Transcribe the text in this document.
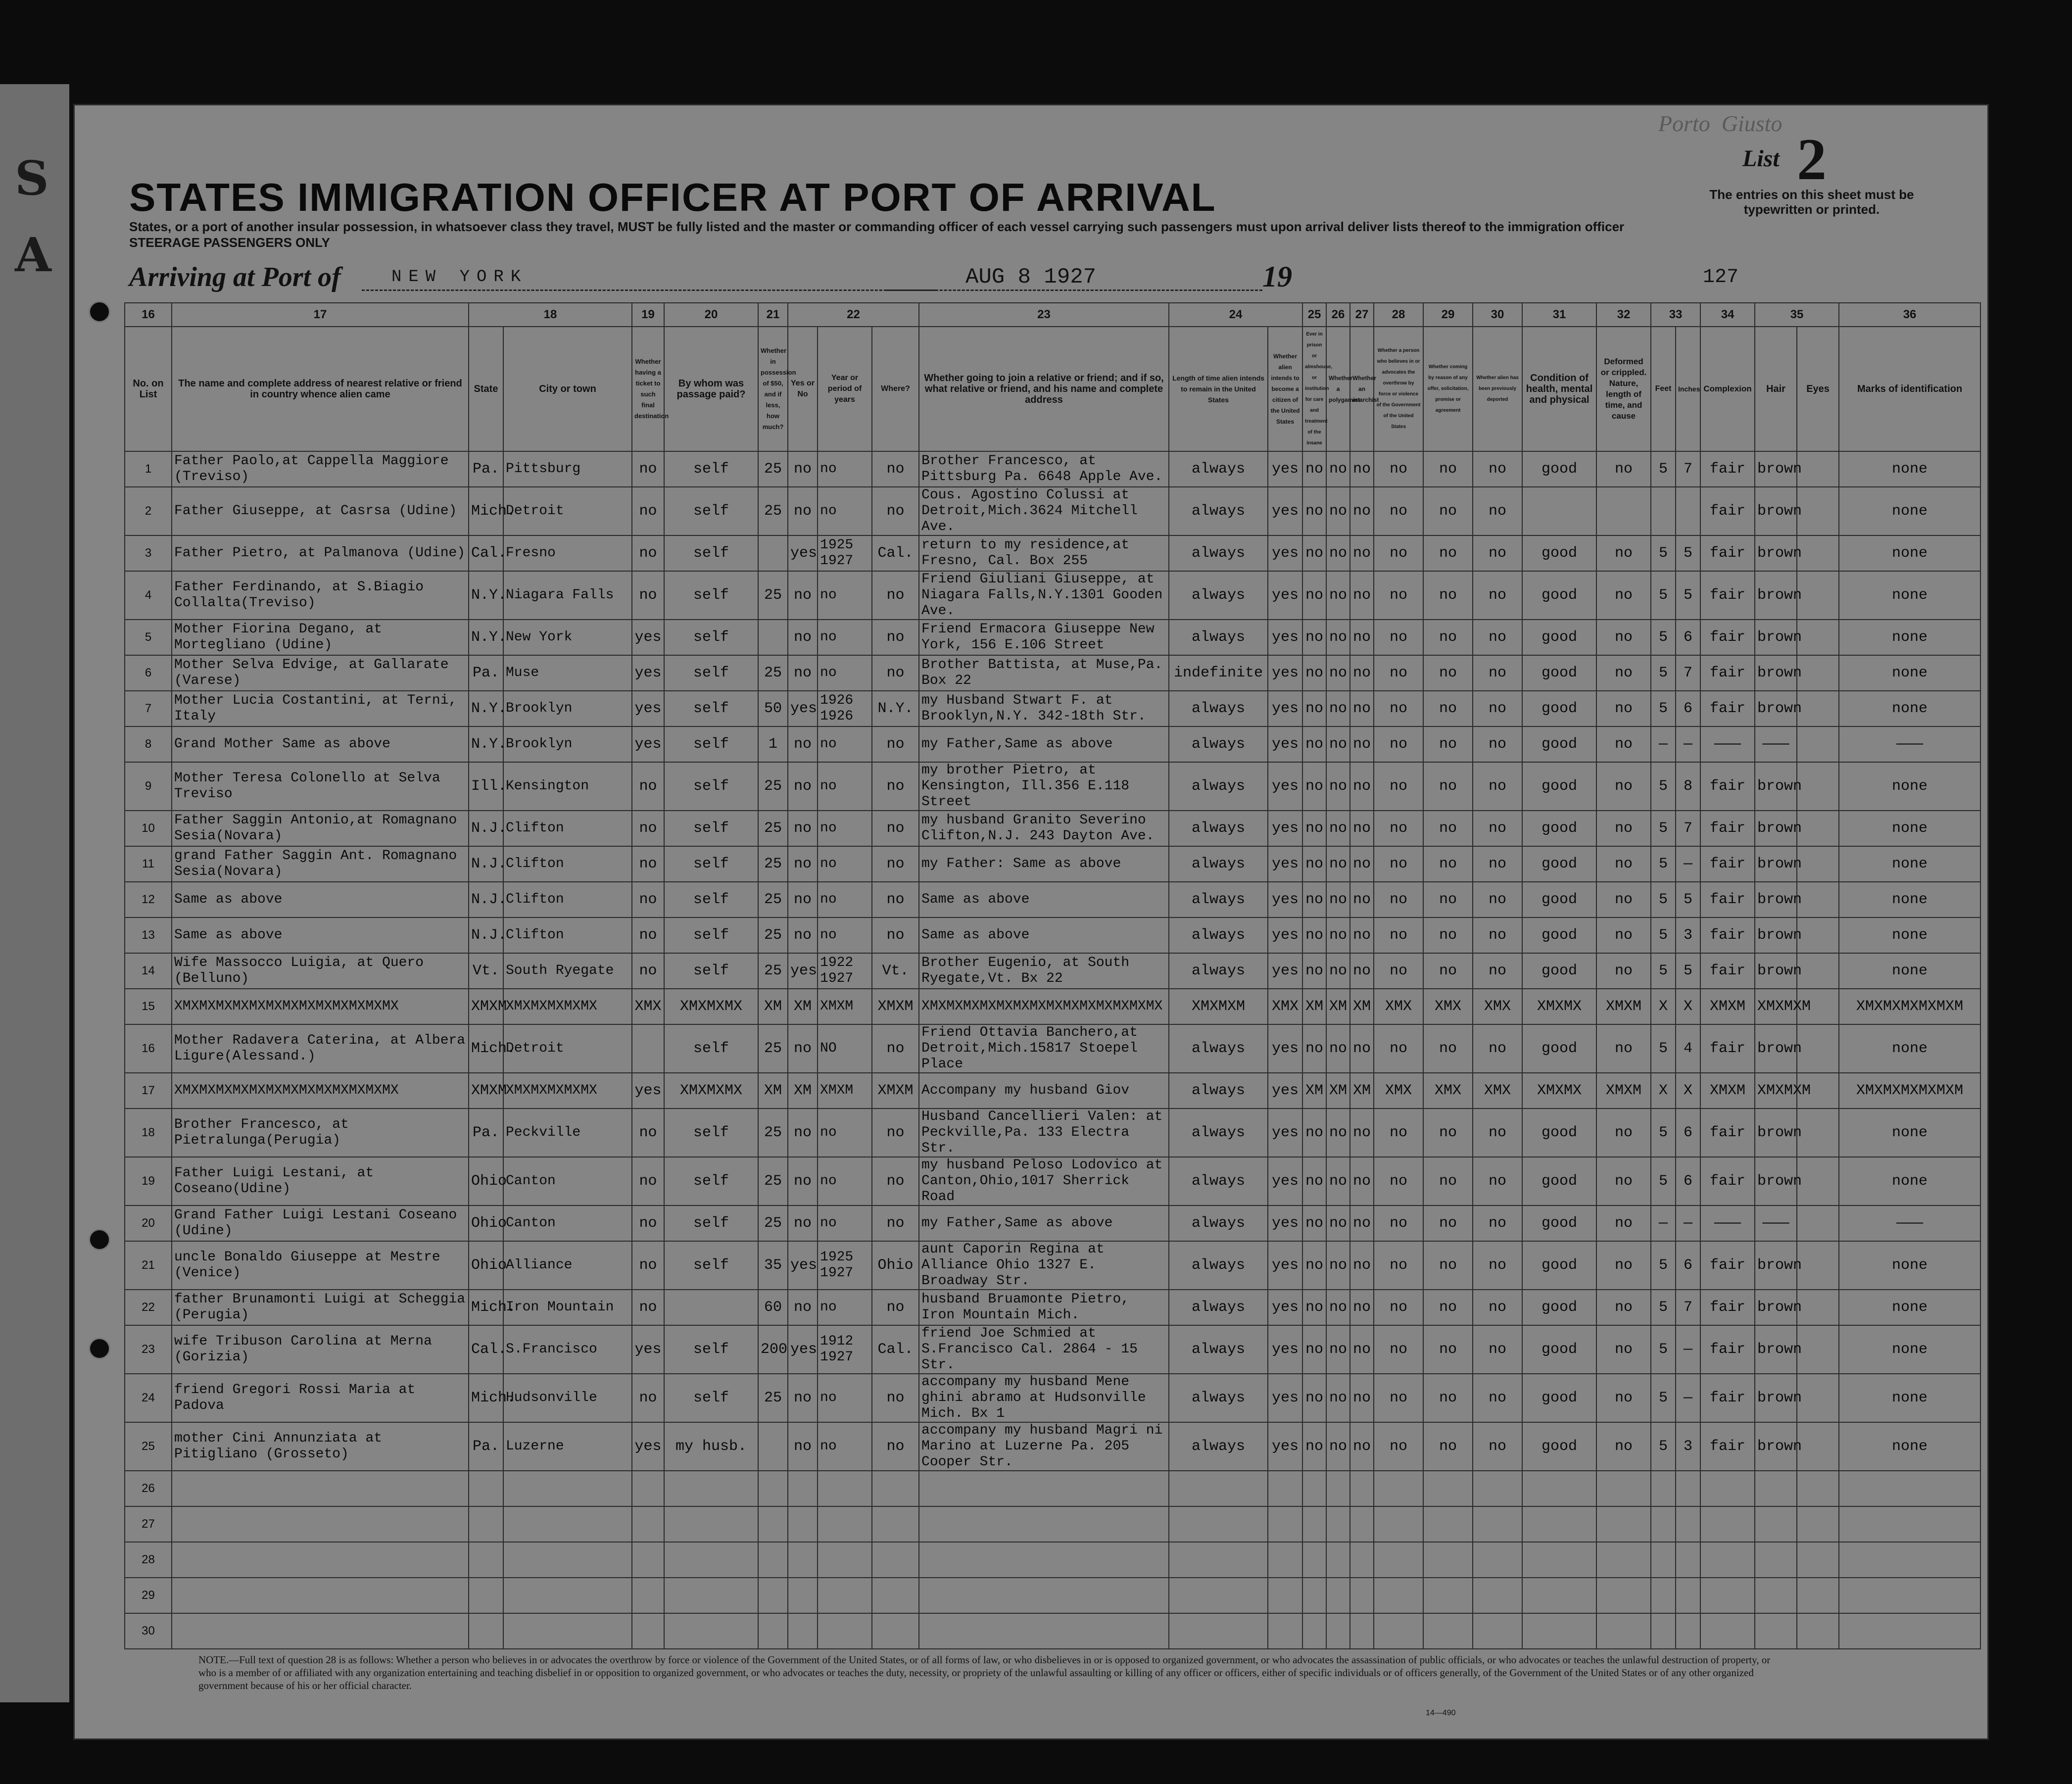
S
A
Porto  Giusto
STATES IMMIGRATION OFFICER AT PORT OF ARRIVAL
States, or a port of another insular possession, in whatsoever class they travel, MUST be fully listed and the master or commanding officer of each vessel carrying such passengers must upon arrival deliver lists thereof to the immigration officer
STEERAGE PASSENGERS ONLY
List 2
The entries on this sheet must be typewritten or printed.
Arriving at Port of	NEW YORK	AUG 8 1927	19	127
16	17	18		19	20	21	22			23	24		25	26	27	28	29	30	31	32	33		34	35		36
No. on List	The name and complete address of nearest relative or friend in country whence alien came	State	City or town	Whether having a ticket to such final destination	By whom was passage paid?	Whether in possession of $50, and if less, how much?	Yes or No	Year or period of years	Where?	Whether going to join a relative or friend; and if so, what relative or friend, and his name and complete address	Length of time alien intends to remain in the United States	Whether alien intends to become a citizen of the United States	Ever in prison or almshouse, or institution for care and treatment of the insane	Whether a polygamist	Whether an anarchist	Whether a person who believes in or advocates the overthrow by force or violence of the Government of the United States	Whether coming by reason of any offer, solicitation, promise or agreement	Whether alien has been previously deported	Condition of health, mental and physical	Deformed or crippled. Nature, length of time, and cause	Feet	Inches	Complexion	Hair	Eyes	Marks of identification
1	Father Paolo,at Cappella Maggiore (Treviso)	Pa.	Pittsburg	no	self	25	no	no	no	Brother Francesco, at Pittsburg Pa. 6648 Apple Ave.	always	yes	no	no	no	no	no	no	good	no	5	7	fair	brown		none
2	Father Giuseppe, at Casrsa (Udine)	Mich.	Detroit	no	self	25	no	no	no	Cous. Agostino Colussi at Detroit,Mich.3624 Mitchell Ave.	always	yes	no	no	no	no	no	no					fair	brown		none
3	Father Pietro, at Palmanova (Udine)	Cal.	Fresno	no	self		yes	1925 1927	Cal.	return to my residence,at Fresno, Cal. Box 255	always	yes	no	no	no	no	no	no	good	no	5	5	fair	brown		none
4	Father Ferdinando, at S.Biagio Collalta(Treviso)	N.Y.	Niagara Falls	no	self	25	no	no	no	Friend Giuliani Giuseppe, at Niagara Falls,N.Y.1301 Gooden Ave.	always	yes	no	no	no	no	no	no	good	no	5	5	fair	brown		none
5	Mother Fiorina Degano, at Mortegliano (Udine)	N.Y.	New York	yes	self		no	no	no	Friend Ermacora Giuseppe New York, 156 E.106 Street	always	yes	no	no	no	no	no	no	good	no	5	6	fair	brown		none
6	Mother Selva Edvige, at Gallarate (Varese)	Pa.	Muse	yes	self	25	no	no	no	Brother Battista, at Muse,Pa. Box 22	indefinite	yes	no	no	no	no	no	no	good	no	5	7	fair	brown		none
7	Mother Lucia Costantini, at Terni, Italy	N.Y.	Brooklyn	yes	self	50	yes	1926 1926	N.Y.	my Husband Stwart F. at Brooklyn,N.Y. 342-18th Str.	always	yes	no	no	no	no	no	no	good	no	5	6	fair	brown		none
8	Grand Mother Same as above	N.Y.	Brooklyn	yes	self	1	no	no	no	my Father,Same as above	always	yes	no	no	no	no	no	no	good	no	—	—	———	———		———
9	Mother Teresa Colonello at Selva Treviso	Ill.	Kensington	no	self	25	no	no	no	my brother Pietro, at Kensington, Ill.356 E.118 Street	always	yes	no	no	no	no	no	no	good	no	5	8	fair	brown		none
10	Father Saggin Antonio,at Romagnano Sesia(Novara)	N.J.	Clifton	no	self	25	no	no	no	my husband Granito Severino Clifton,N.J. 243 Dayton Ave.	always	yes	no	no	no	no	no	no	good	no	5	7	fair	brown		none
11	grand Father Saggin Ant. Romagnano Sesia(Novara)	N.J.	Clifton	no	self	25	no	no	no	my Father: Same as above	always	yes	no	no	no	no	no	no	good	no	5	—	fair	brown		none
12	Same as above	N.J.	Clifton	no	self	25	no	no	no	Same as above	always	yes	no	no	no	no	no	no	good	no	5	5	fair	brown		none
13	Same as above	N.J.	Clifton	no	self	25	no	no	no	Same as above	always	yes	no	no	no	no	no	no	good	no	5	3	fair	brown		none
14	Wife Massocco Luigia, at Quero (Belluno)	Vt.	South Ryegate	no	self	25	yes	1922 1927	Vt.	Brother Eugenio, at South Ryegate,Vt. Bx 22	always	yes	no	no	no	no	no	no	good	no	5	5	fair	brown		none
15	XMXMXMXMXMXMXMXMXMXMXMXMXMX	XMXM	XMXMXMXMXMX	XMX	XMXMXMX	XM	XM	XMXM	XMXM	XMXMXMXMXMXMXMXMXMXMXMXMXMXMX	XMXMXM	XMX	XM	XM	XM	XMX	XMX	XMX	XMXMX	XMXM	X	X	XMXM	XMXMXM		XMXMXMXMXMXM
16	Mother Radavera Caterina, at Albera Ligure(Alessand.)	Mich.	Detroit		self	25	no	NO	no	Friend Ottavia Banchero,at Detroit,Mich.15817 Stoepel Place	always	yes	no	no	no	no	no	no	good	no	5	4	fair	brown		none
17	XMXMXMXMXMXMXMXMXMXMXMXMXMX	XMXM	XMXMXMXMXMX	yes	XMXMXMX	XM	XM	XMXM	XMXM	Accompany my husband Giov	always	yes	XM	XM	XM	XMX	XMX	XMX	XMXMX	XMXM	X	X	XMXM	XMXMXM		XMXMXMXMXMXM
18	Brother Francesco, at Pietralunga(Perugia)	Pa.	Peckville	no	self	25	no	no	no	Husband Cancellieri Valen: at Peckville,Pa. 133 Electra Str.	always	yes	no	no	no	no	no	no	good	no	5	6	fair	brown		none
19	Father Luigi Lestani, at Coseano(Udine)	Ohio	Canton	no	self	25	no	no	no	my husband Peloso Lodovico at Canton,Ohio,1017 Sherrick Road	always	yes	no	no	no	no	no	no	good	no	5	6	fair	brown		none
20	Grand Father Luigi Lestani Coseano (Udine)	Ohio	Canton	no	self	25	no	no	no	my Father,Same as above	always	yes	no	no	no	no	no	no	good	no	—	—	———	———		———
21	uncle Bonaldo Giuseppe at Mestre (Venice)	Ohio	Alliance	no	self	35	yes	1925 1927	Ohio	aunt Caporin Regina at Alliance Ohio 1327 E. Broadway Str.	always	yes	no	no	no	no	no	no	good	no	5	6	fair	brown		none
22	father Brunamonti Luigi at Scheggia (Perugia)	Mich.	Iron Mountain	no		60	no	no	no	husband Bruamonte Pietro, Iron Mountain Mich.	always	yes	no	no	no	no	no	no	good	no	5	7	fair	brown		none
23	wife Tribuson Carolina at Merna (Gorizia)	Cal.	S.Francisco	yes	self	200	yes	1912 1927	Cal.	friend Joe Schmied at S.Francisco Cal. 2864 - 15 Str.	always	yes	no	no	no	no	no	no	good	no	5	—	fair	brown		none
24	friend Gregori Rossi Maria at Padova	Mich.	Hudsonville	no	self	25	no	no	no	accompany my husband Mene ghini abramo at Hudsonville Mich. Bx 1	always	yes	no	no	no	no	no	no	good	no	5	—	fair	brown		none
25	mother Cini Annunziata at Pitigliano (Grosseto)	Pa.	Luzerne	yes	my husb.		no	no	no	accompany my husband Magri ni Marino at Luzerne Pa. 205 Cooper Str.	always	yes	no	no	no	no	no	no	good	no	5	3	fair	brown		none
26																										
27																										
28																										
29																										
30																										
NOTE.—Full text of question 28 is as follows: Whether a person who believes in or advocates the overthrow by force or violence of the Government of the United States, or of all forms of law, or who disbelieves in or is opposed to organized government, or who advocates the assassination of public officials, or who advocates or teaches the unlawful destruction of property, or who is a member of or affiliated with any organization entertaining and teaching disbelief in or opposition to organized government, or who advocates or teaches the duty, necessity, or propriety of the unlawful assaulting or killing of any officer or officers, either of specific individuals or of officers generally, of the Government of the United States or of any other organized government because of his or her official character.
14—490
